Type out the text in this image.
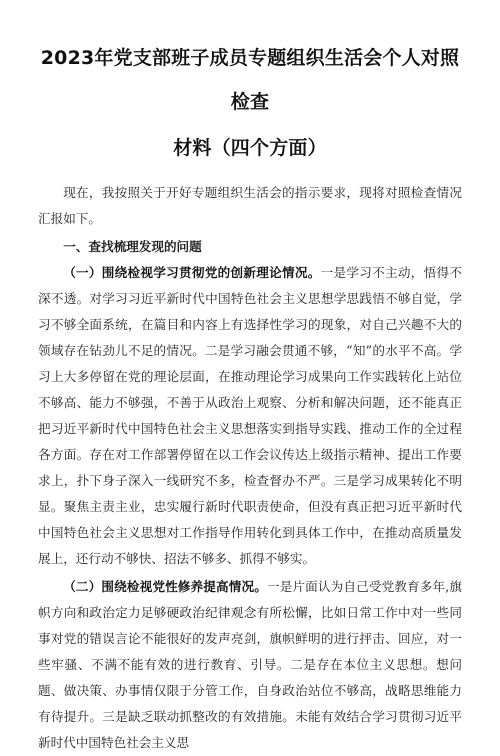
2023年党支部班子成员专题组织生活会个人对照检查
材料（四个方面）

现在，我按照关于开好专题组织生活会的指示要求，现将对照检查情况汇报如下。

一、查找梳理发现的问题

（一）围绕检视学习贯彻党的创新理论情况。一是学习不主动，悟得不深不透。对学习习近平新时代中国特色社会主义思想学思践悟不够自觉，学习不够全面系统，在篇目和内容上有选择性学习的现象，对自己兴趣不大的领域存在钻劲儿不足的情况。二是学习融会贯通不够，“知”的水平不高。学习上大多停留在党的理论层面，在推动理论学习成果向工作实践转化上站位不够高、能力不够强，不善于从政治上观察、分析和解决问题，还不能真正把习近平新时代中国特色社会主义思想落实到指导实践、推动工作的全过程各方面。存在对工作部署停留在以工作会议传达上级指示精神、提出工作要求上，扑下身子深入一线研究不多，检查督办不严。三是学习成果转化不明显。聚焦主责主业，忠实履行新时代职责使命，但没有真正把习近平新时代中国特色社会主义思想对工作指导作用转化到具体工作中，在推动高质量发展上，还行动不够快、招法不够多、抓得不够实。

（二）围绕检视党性修养提高情况。一是片面认为自己受党教育多年,旗帜方向和政治定力足够硬政治纪律观念有所松懈，比如日常工作中对一些同事对党的错误言论不能很好的发声亮剑，旗帜鲜明的进行抨击、回应，对一些牢骚、不满不能有效的进行教育、引导。二是存在本位主义思想。想问题、做决策、办事情仅限于分管工作，自身政治站位不够高，战略思维能力有待提升。三是缺乏联动抓整改的有效措施。未能有效结合学习贯彻习近平新时代中国特色社会主义思
